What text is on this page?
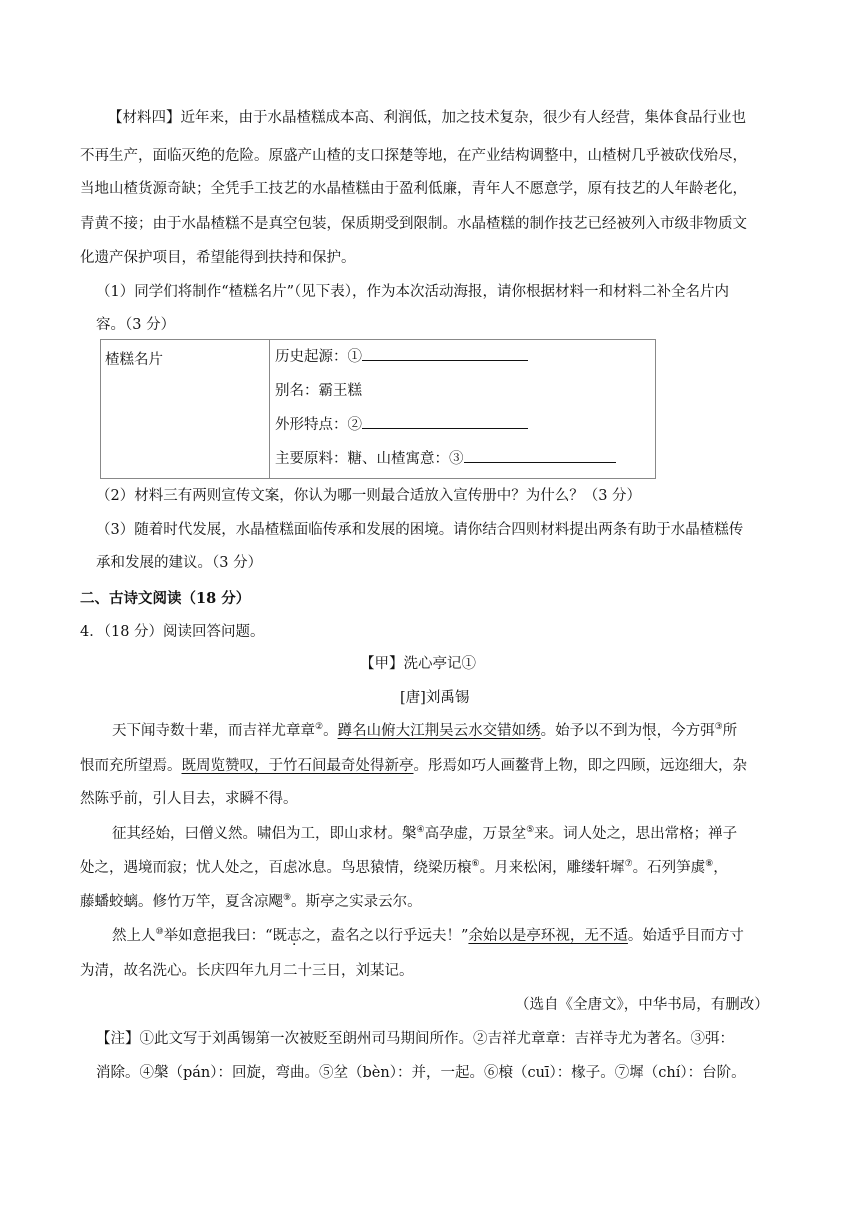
【材料四】近年来，由于水晶楂糕成本高、利润低，加之技术复杂，很少有人经营，集体食品行业也
不再生产，面临灭绝的危险。原盛产山楂的支口探楚等地，在产业结构调整中，山楂树几乎被砍伐殆尽，
当地山楂货源奇缺；全凭手工技艺的水晶楂糕由于盈利低廉，青年人不愿意学，原有技艺的人年龄老化，
青黄不接；由于水晶楂糕不是真空包装，保质期受到限制。水晶楂糕的制作技艺已经被列入市级非物质文
化遗产保护项目，希望能得到扶持和保护。
（1）同学们将制作“楂糕名片”（见下表），作为本次活动海报，请你根据材料一和材料二补全名片内
容。（3 分）
楂糕名片	历史起源：①
别名：霸王糕
外形特点：②
主要原料：糖、山楂寓意：③
（2）材料三有两则宣传文案，你认为哪一则最合适放入宣传册中？为什么？（3 分）
（3）随着时代发展，水晶楂糕面临传承和发展的困境。请你结合四则材料提出两条有助于水晶楂糕传
承和发展的建议。（3 分）
二、古诗文阅读（18 分）
4．（18 分）阅读回答问题。
【甲】洗心亭记①
[唐]刘禹锡
天下闻寺数十辈，而吉祥尤章章②。蹲名山俯大江荆吴云水交错如绣。始予以不到为恨，今方弭③所
恨而充所望焉。既周览赞叹，于竹石间最奇处得新亭。彤焉如巧人画鳌背上物，即之四顾，远迩细大，杂
然陈乎前，引人目去，求瞬不得。
征其经始，曰僧义然。啸侣为工，即山求材。槃④高孕虚，万景坌⑤来。词人处之，思出常格；禅子
处之，遇境而寂；忧人处之，百虑冰息。鸟思猿情，绕梁历榱⑥。月来松闲，雕缕轩墀⑦。石列笋虡⑧，
藤蟠蛟螭。修竹万竿，夏含凉飔⑨。斯亭之实录云尔。
然上人⑩举如意挹我曰：“既志之，盍名之以行乎远夫！”余始以是亭环视，无不适。始适乎目而方寸
为清，故名洗心。长庆四年九月二十三日，刘某记。
（选自《全唐文》，中华书局，有删改）
【注】①此文写于刘禹锡第一次被贬至朗州司马期间所作。②吉祥尤章章：吉祥寺尤为著名。③弭：
消除。④槃（pán）：回旋，弯曲。⑤坌（bèn）：并，一起。⑥榱（cuī）：椽子。⑦墀（chí）：台阶。
